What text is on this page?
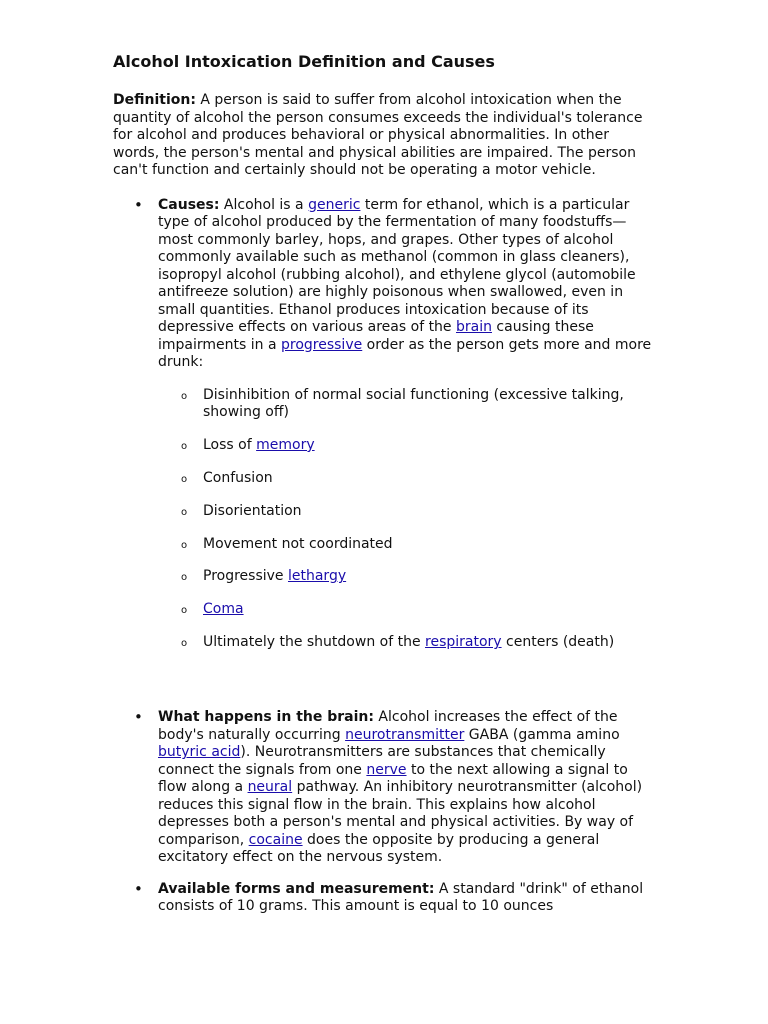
Alcohol Intoxication Definition and Causes

Definition: A person is said to suffer from alcohol intoxication when the quantity of alcohol the person consumes exceeds the individual's tolerance for alcohol and produces behavioral or physical abnormalities. In other words, the person's mental and physical abilities are impaired. The person can't function and certainly should not be operating a motor vehicle.

• Causes: Alcohol is a generic term for ethanol, which is a particular type of alcohol produced by the fermentation of many foodstuffs—most commonly barley, hops, and grapes. Other types of alcohol commonly available such as methanol (common in glass cleaners), isopropyl alcohol (rubbing alcohol), and ethylene glycol (automobile antifreeze solution) are highly poisonous when swallowed, even in small quantities. Ethanol produces intoxication because of its depressive effects on various areas of the brain causing these impairments in a progressive order as the person gets more and more drunk:
o Disinhibition of normal social functioning (excessive talking, showing off)
o Loss of memory
o Confusion
o Disorientation
o Movement not coordinated
o Progressive lethargy
o Coma
o Ultimately the shutdown of the respiratory centers (death)
• What happens in the brain: Alcohol increases the effect of the body's naturally occurring neurotransmitter GABA (gamma amino butyric acid). Neurotransmitters are substances that chemically connect the signals from one nerve to the next allowing a signal to flow along a neural pathway. An inhibitory neurotransmitter (alcohol) reduces this signal flow in the brain. This explains how alcohol depresses both a person's mental and physical activities. By way of comparison, cocaine does the opposite by producing a general excitatory effect on the nervous system.
• Available forms and measurement: A standard "drink" of ethanol consists of 10 grams. This amount is equal to 10 ounces
